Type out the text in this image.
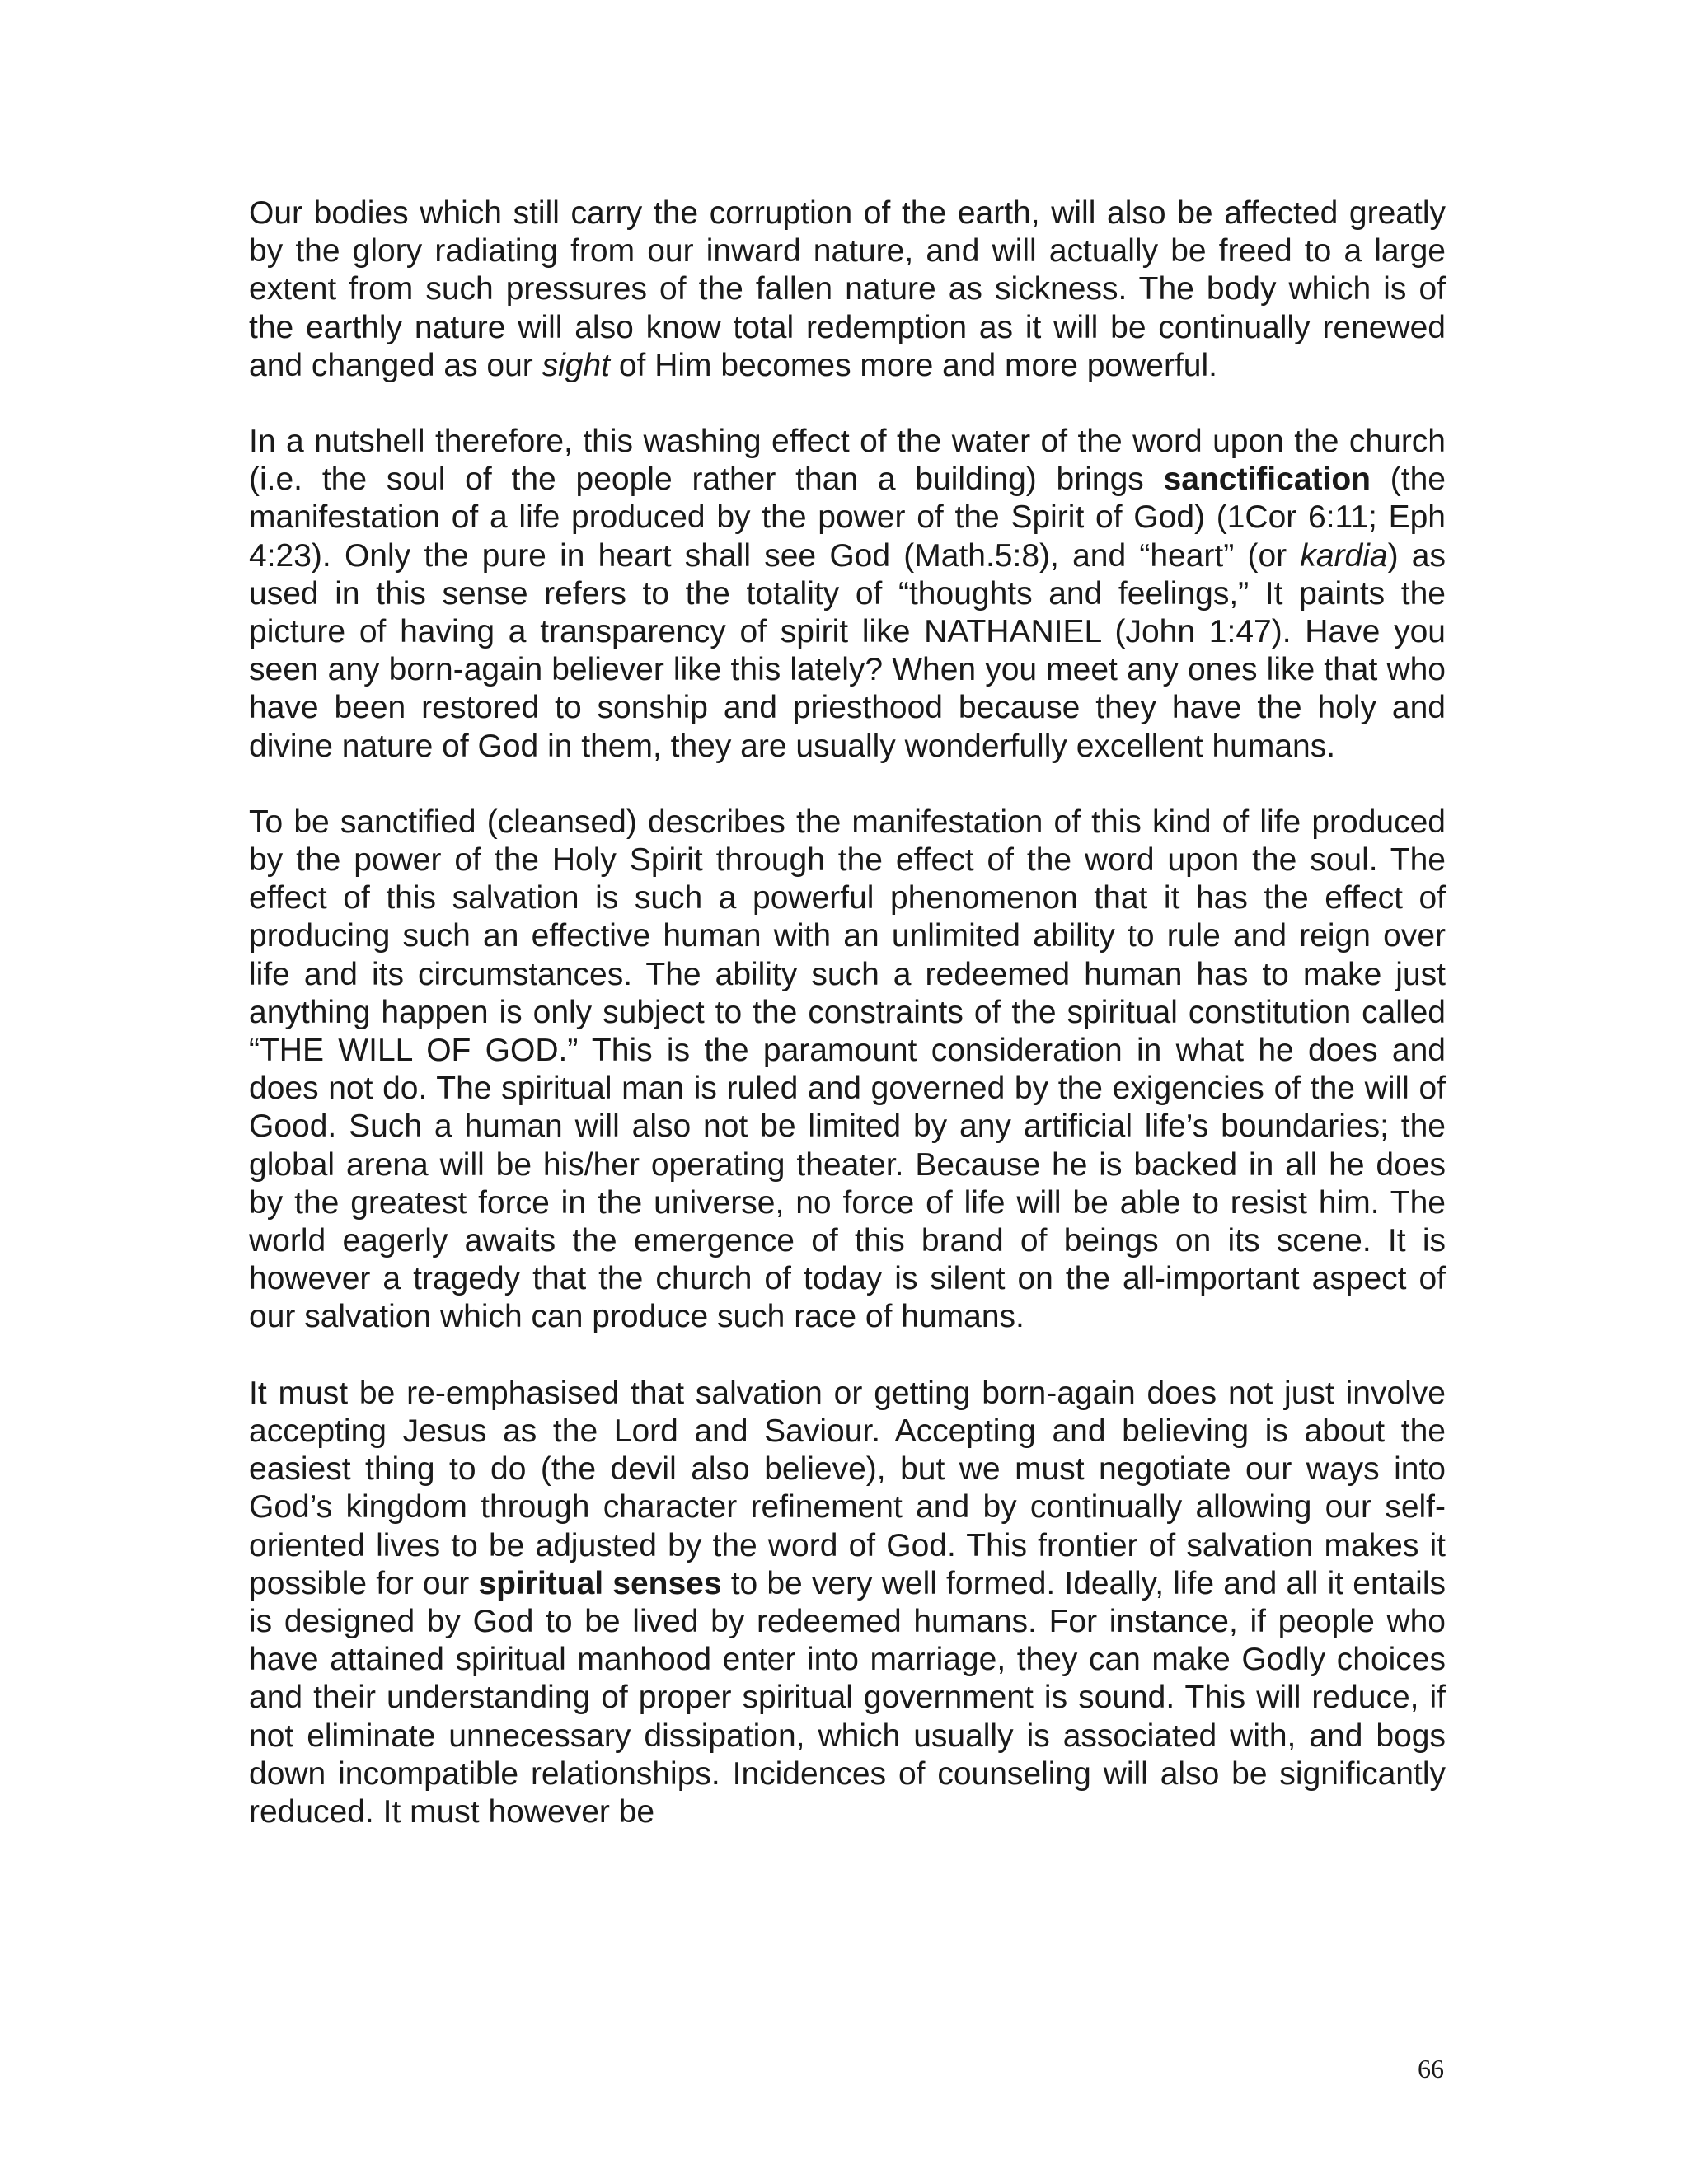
Our bodies which still carry the corruption of the earth, will also be affected greatly by the glory radiating from our inward nature, and will actually be freed to a large extent from such pressures of the fallen nature as sickness. The body which is of the earthly nature will also know total redemption as it will be continually renewed and changed as our sight of Him becomes more and more powerful.

In a nutshell therefore, this washing effect of the water of the word upon the church (i.e. the soul of the people rather than a building) brings sanctification (the manifestation of a life produced by the power of the Spirit of God) (1Cor 6:11; Eph 4:23). Only the pure in heart shall see God (Math.5:8), and “heart” (or kardia) as used in this sense refers to the totality of “thoughts and feelings,” It paints the picture of having a transparency of spirit like NATHANIEL (John 1:47). Have you seen any born-again believer like this lately? When you meet any ones like that who have been restored to sonship and priesthood because they have the holy and divine nature of God in them, they are usually wonderfully excellent humans.

To be sanctified (cleansed) describes the manifestation of this kind of life produced by the power of the Holy Spirit through the effect of the word upon the soul. The effect of this salvation is such a powerful phenomenon that it has the effect of producing such an effective human with an unlimited ability to rule and reign over life and its circumstances. The ability such a redeemed human has to make just anything happen is only subject to the constraints of the spiritual constitution called “THE WILL OF GOD.” This is the paramount consideration in what he does and does not do. The spiritual man is ruled and governed by the exigencies of the will of Good. Such a human will also not be limited by any artificial life’s boundaries; the global arena will be his/her operating theater. Because he is backed in all he does by the greatest force in the universe, no force of life will be able to resist him. The world eagerly awaits the emergence of this brand of beings on its scene. It is however a tragedy that the church of today is silent on the all-important aspect of our salvation which can produce such race of humans.

It must be re-emphasised that salvation or getting born-again does not just involve accepting Jesus as the Lord and Saviour. Accepting and believing is about the easiest thing to do (the devil also believe), but we must negotiate our ways into God’s kingdom through character refinement and by continually allowing our self-oriented lives to be adjusted by the word of God. This frontier of salvation makes it possible for our spiritual senses to be very well formed. Ideally, life and all it entails is designed by God to be lived by redeemed humans. For instance, if people who have attained spiritual manhood enter into marriage, they can make Godly choices and their understanding of proper spiritual government is sound. This will reduce, if not eliminate unnecessary dissipation, which usually is associated with, and bogs down incompatible relationships. Incidences of counseling will also be significantly reduced. It must however be

66
